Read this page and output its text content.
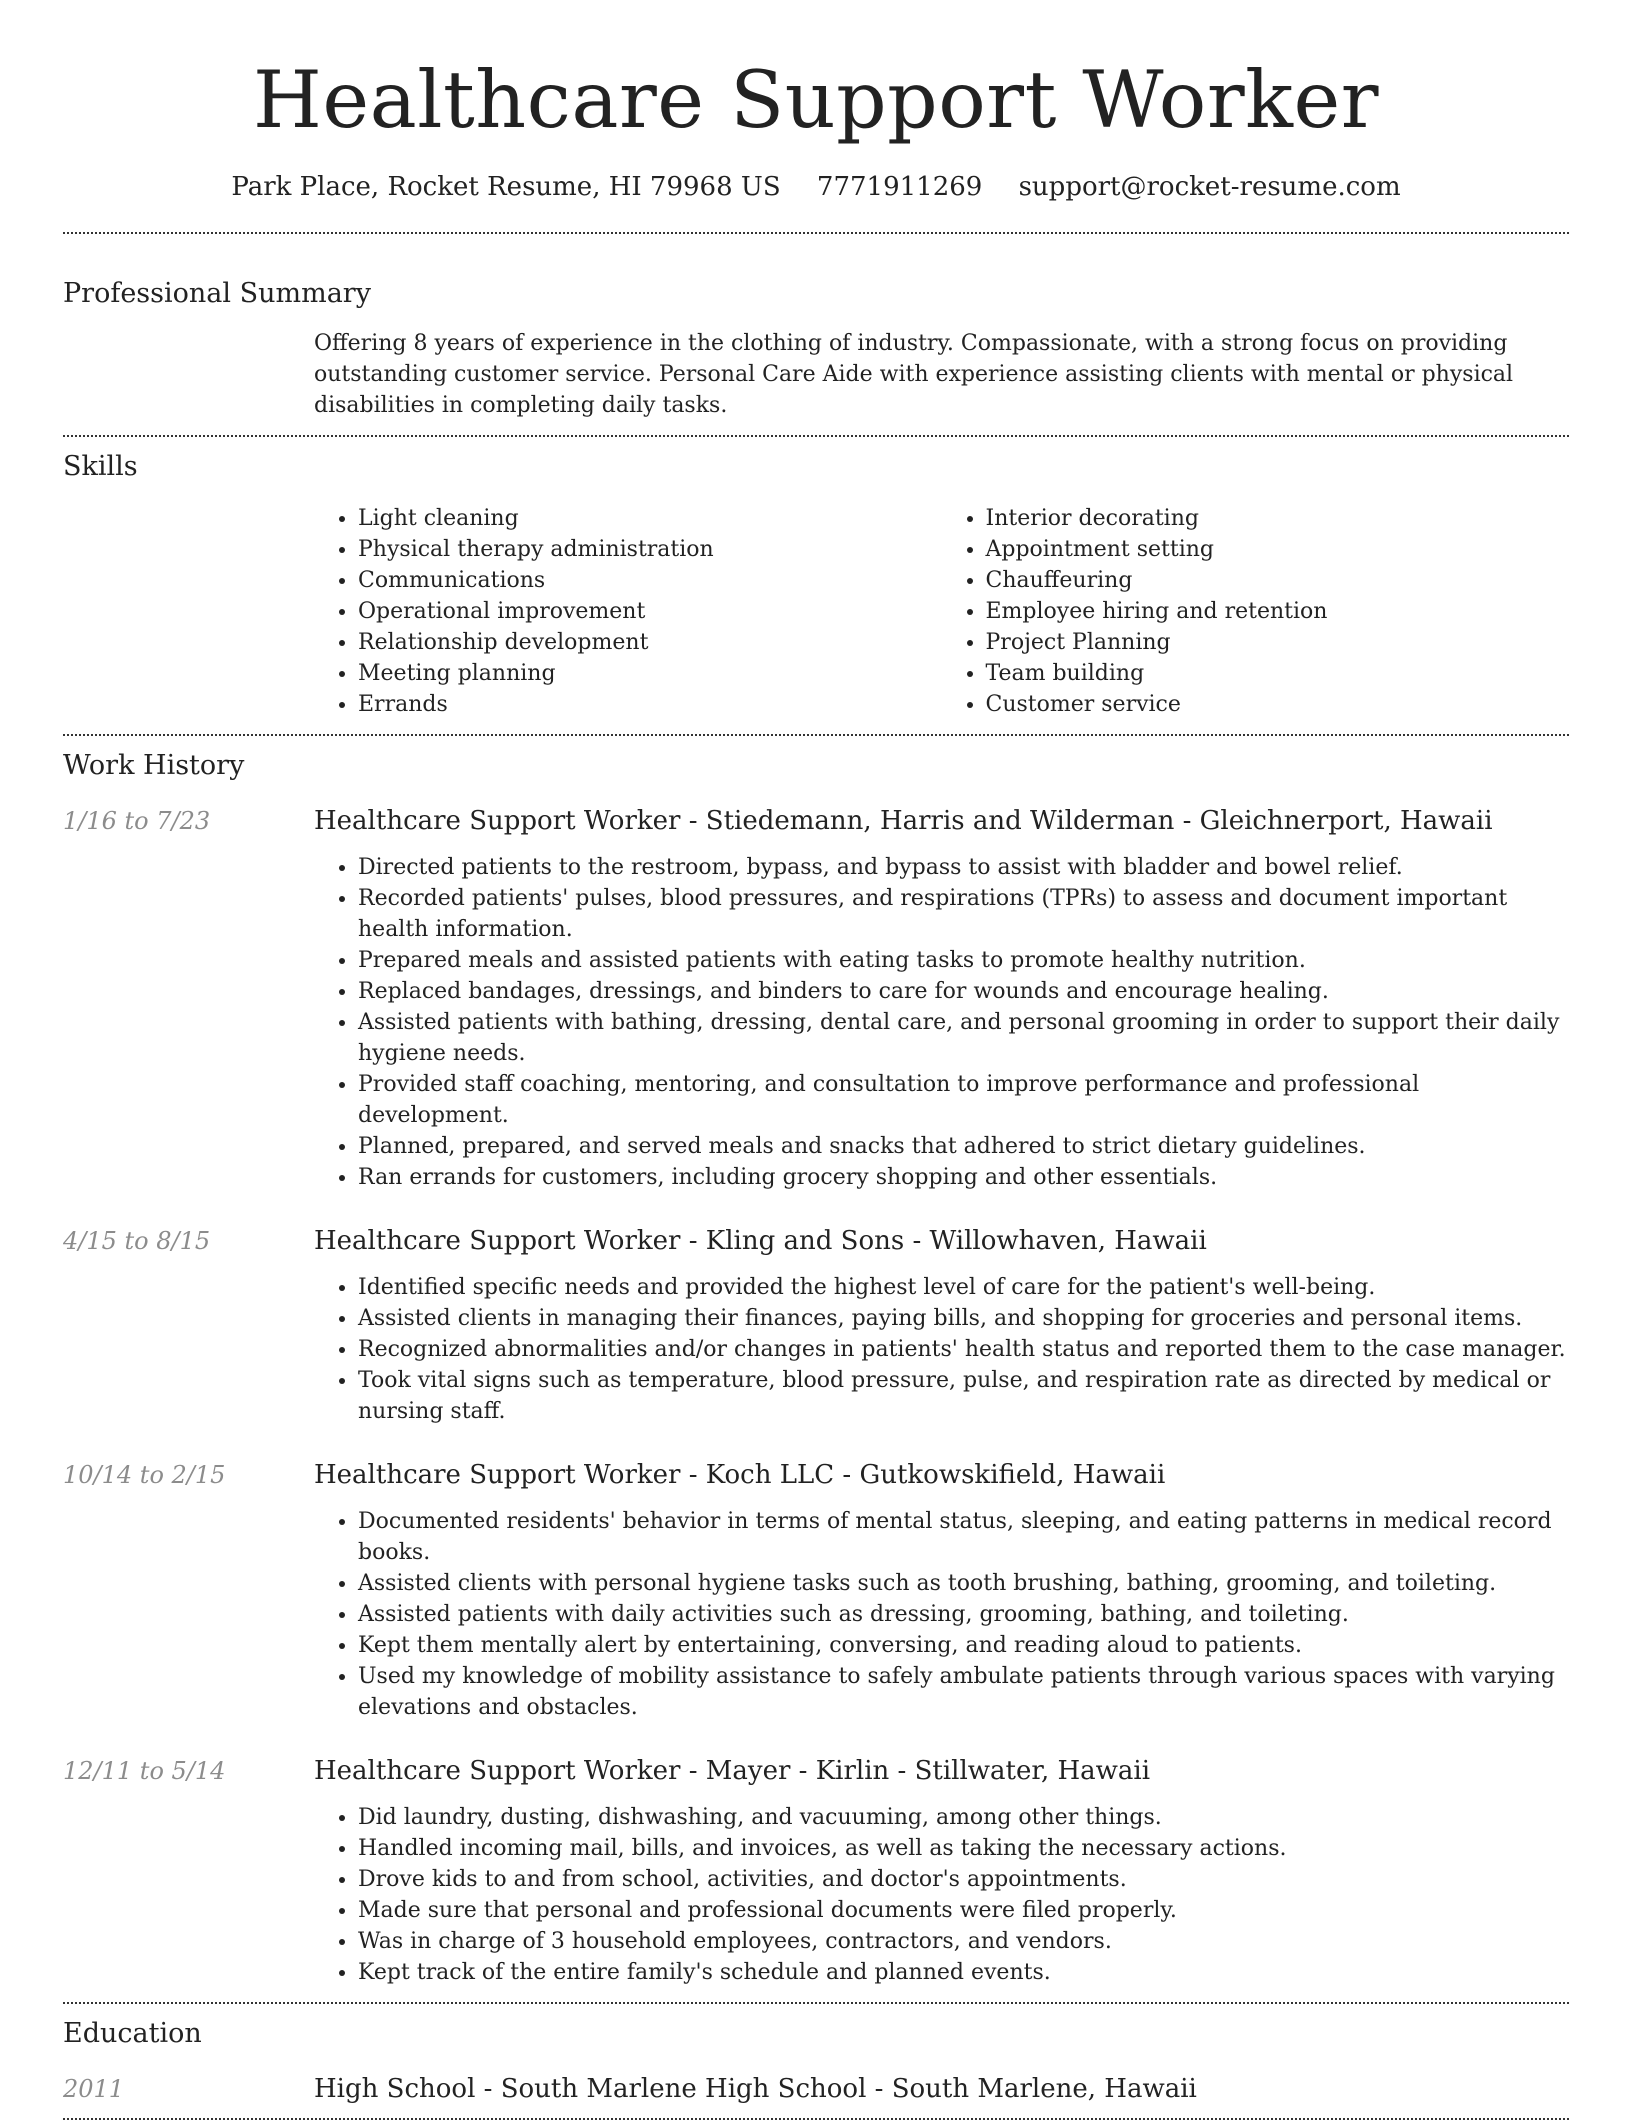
Healthcare Support Worker
Park Place, Rocket Resume, HI 79968 US 7771911269 support@rocket-resume.com
Professional Summary

Offering 8 years of experience in the clothing of industry. Compassionate, with a strong focus on providing outstanding customer service. Personal Care Aide with experience assisting clients with mental or physical disabilities in completing daily tasks.

Skills
• Light cleaning
• Physical therapy administration
• Communications
• Operational improvement
• Relationship development
• Meeting planning
• Errands
• Interior decorating
• Appointment setting
• Chauffeuring
• Employee hiring and retention
• Project Planning
• Team building
• Customer service
Work History
1/16 to 7/23	Healthcare Support Worker - Stiedemann, Harris and Wilderman - Gleichnerport, Hawaii
• Directed patients to the restroom, bypass, and bypass to assist with bladder and bowel relief.
• Recorded patients' pulses, blood pressures, and respirations (TPRs) to assess and document important health information.
• Prepared meals and assisted patients with eating tasks to promote healthy nutrition.
• Replaced bandages, dressings, and binders to care for wounds and encourage healing.
• Assisted patients with bathing, dressing, dental care, and personal grooming in order to support their daily hygiene needs.
• Provided staff coaching, mentoring, and consultation to improve performance and professional development.
• Planned, prepared, and served meals and snacks that adhered to strict dietary guidelines.
• Ran errands for customers, including grocery shopping and other essentials.
4/15 to 8/15	Healthcare Support Worker - Kling and Sons - Willowhaven, Hawaii
• Identified specific needs and provided the highest level of care for the patient's well-being.
• Assisted clients in managing their finances, paying bills, and shopping for groceries and personal items.
• Recognized abnormalities and/or changes in patients' health status and reported them to the case manager.
• Took vital signs such as temperature, blood pressure, pulse, and respiration rate as directed by medical or nursing staff.
10/14 to 2/15	Healthcare Support Worker - Koch LLC - Gutkowskifield, Hawaii
• Documented residents' behavior in terms of mental status, sleeping, and eating patterns in medical record books.
• Assisted clients with personal hygiene tasks such as tooth brushing, bathing, grooming, and toileting.
• Assisted patients with daily activities such as dressing, grooming, bathing, and toileting.
• Kept them mentally alert by entertaining, conversing, and reading aloud to patients.
• Used my knowledge of mobility assistance to safely ambulate patients through various spaces with varying elevations and obstacles.
12/11 to 5/14	Healthcare Support Worker - Mayer - Kirlin - Stillwater, Hawaii
• Did laundry, dusting, dishwashing, and vacuuming, among other things.
• Handled incoming mail, bills, and invoices, as well as taking the necessary actions.
• Drove kids to and from school, activities, and doctor's appointments.
• Made sure that personal and professional documents were filed properly.
• Was in charge of 3 household employees, contractors, and vendors.
• Kept track of the entire family's schedule and planned events.
Education
2011	High School - South Marlene High School - South Marlene, Hawaii
